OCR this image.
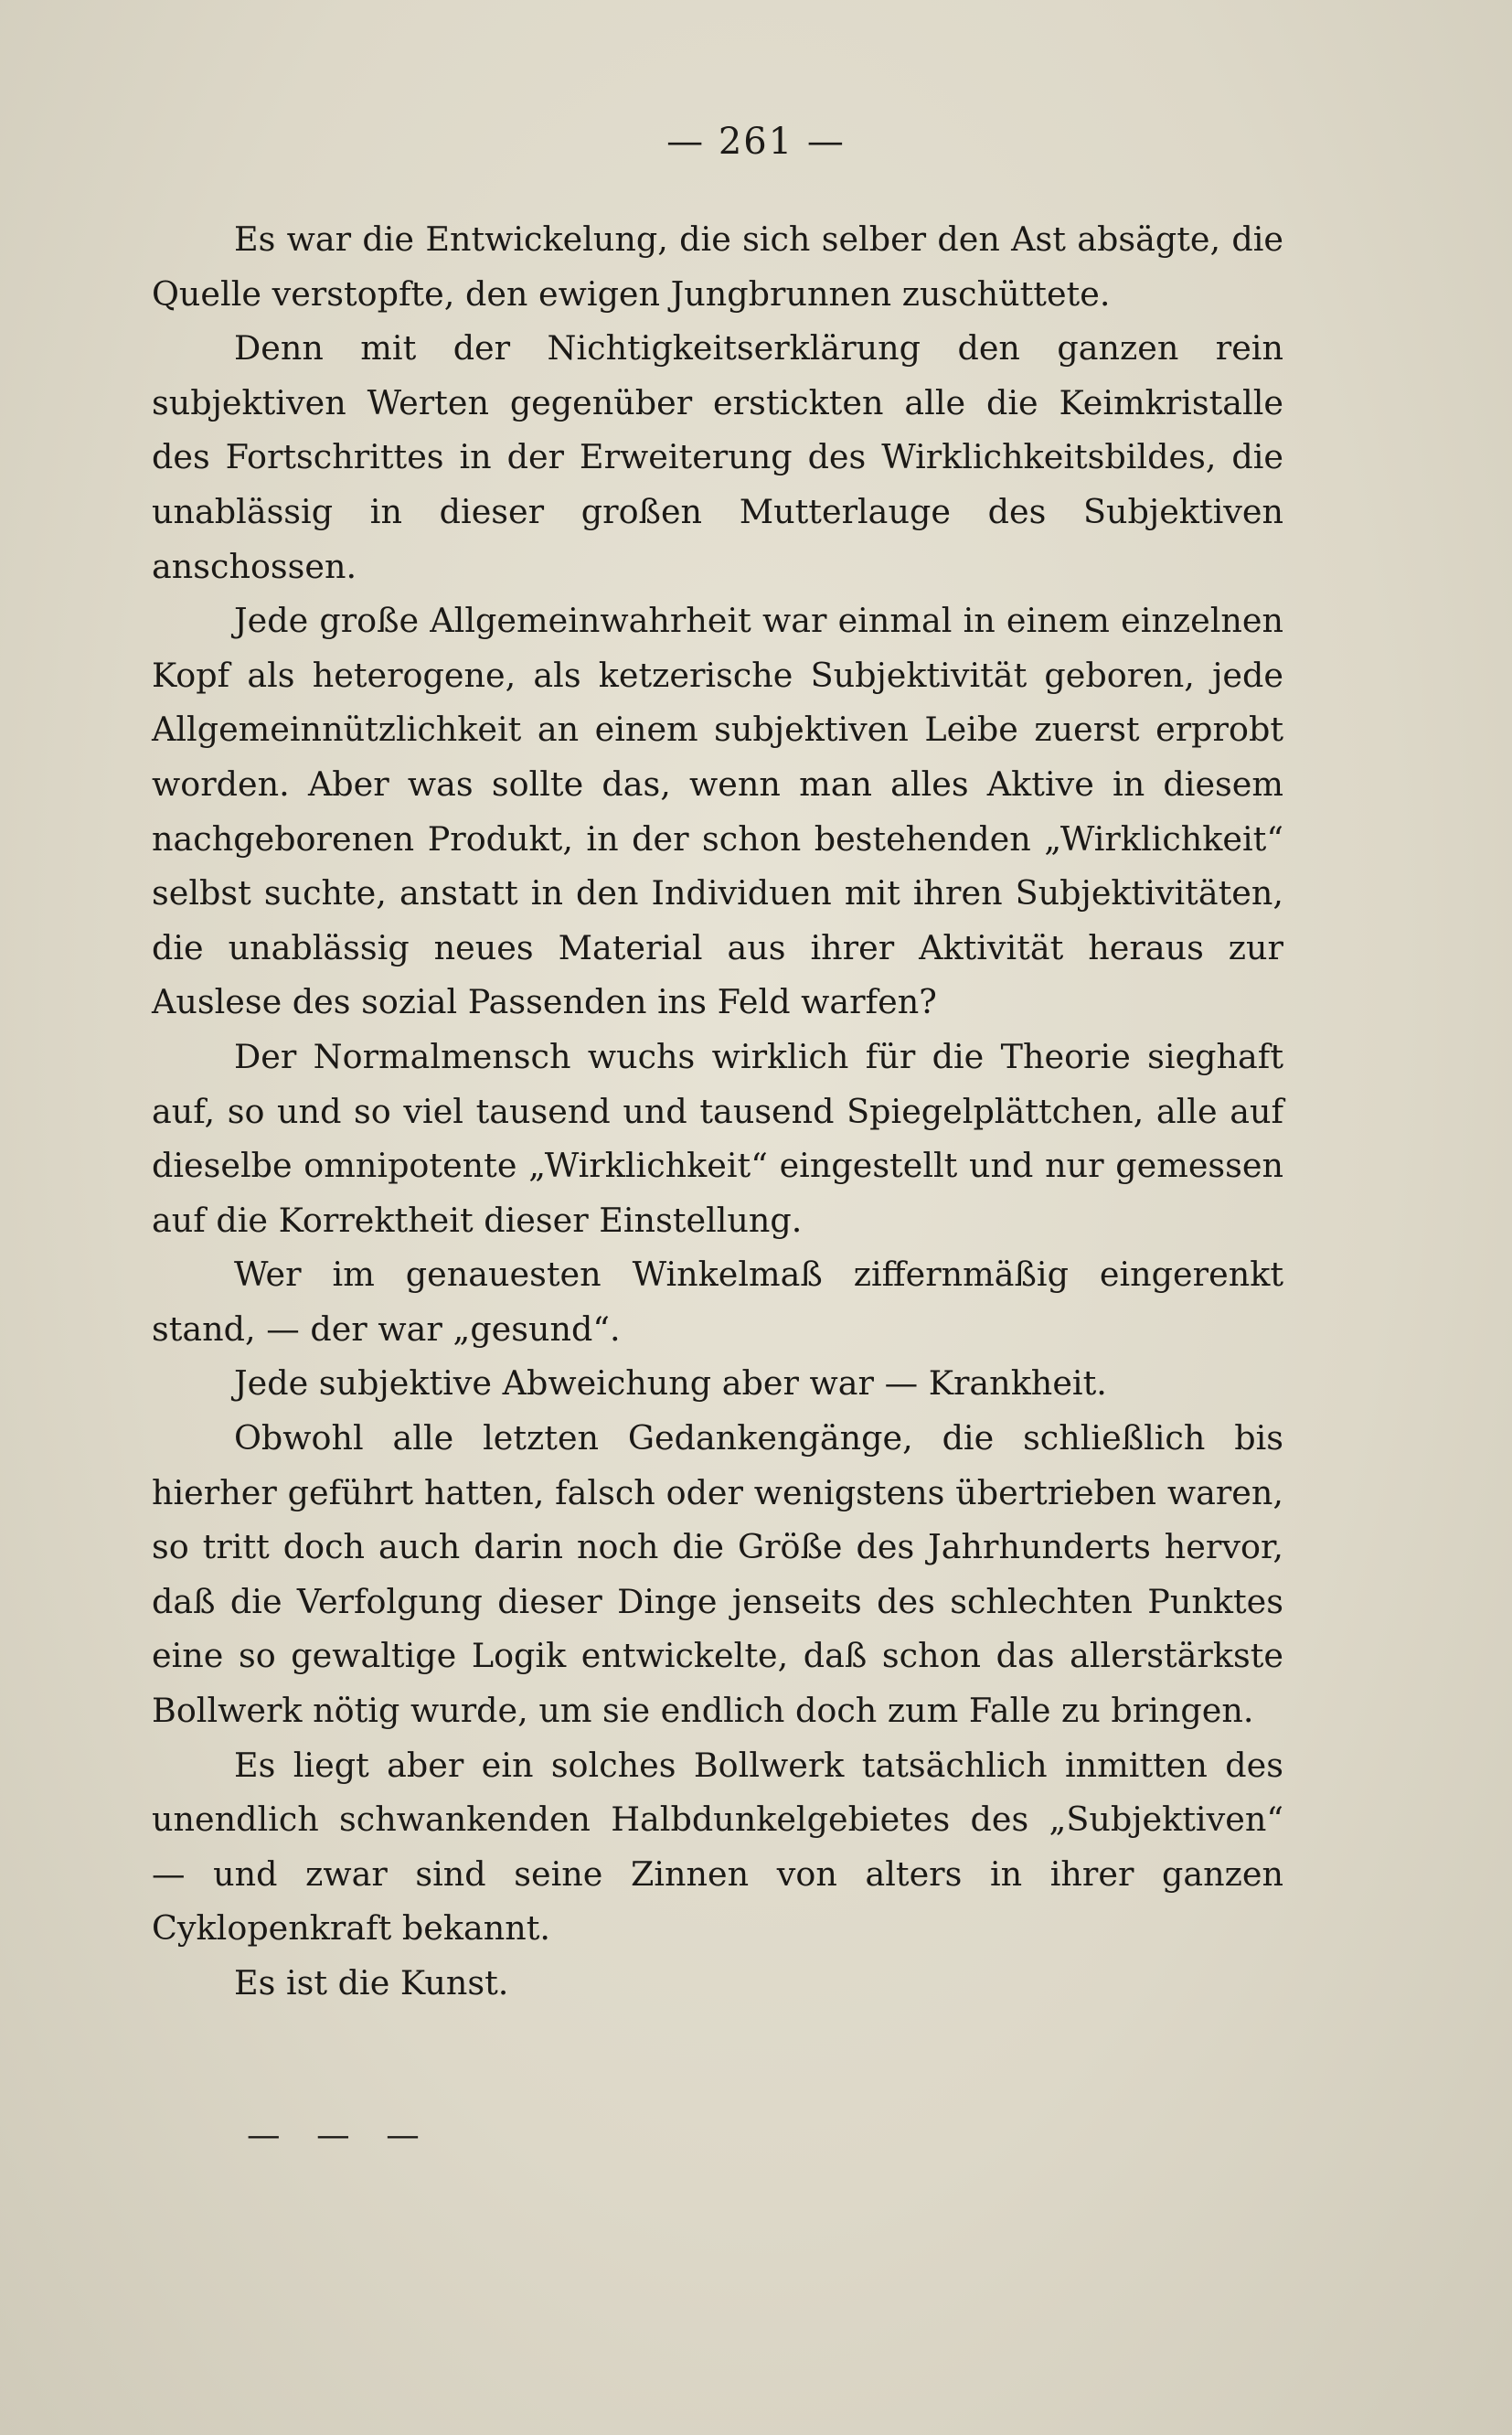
— 261 —

Es war die Entwickelung, die sich selber den Ast absägte, die Quelle verstopfte, den ewigen Jungbrunnen zuschüttete.

Denn mit der Nichtigkeitserklärung den ganzen rein subjektiven Werten gegenüber erstickten alle die Keimkristalle des Fortschrittes in der Erweiterung des Wirklichkeitsbildes, die unablässig in dieser großen Mutterlauge des Subjektiven anschossen.

Jede große Allgemeinwahrheit war einmal in einem einzelnen Kopf als heterogene, als ketzerische Subjektivität geboren, jede Allgemeinnützlichkeit an einem subjektiven Leibe zuerst erprobt worden. Aber was sollte das, wenn man alles Aktive in diesem nachgeborenen Produkt, in der schon bestehenden „Wirklichkeit“ selbst suchte, anstatt in den Individuen mit ihren Subjektivitäten, die unablässig neues Material aus ihrer Aktivität heraus zur Auslese des sozial Passenden ins Feld warfen?

Der Normalmensch wuchs wirklich für die Theorie sieghaft auf, so und so viel tausend und tausend Spiegelplättchen, alle auf dieselbe omnipotente „Wirklichkeit“ eingestellt und nur gemessen auf die Korrektheit dieser Einstellung.

Wer im genauesten Winkelmaß ziffernmäßig eingerenkt stand, — der war „gesund“.

Jede subjektive Abweichung aber war — Krankheit.

Obwohl alle letzten Gedankengänge, die schließlich bis hierher geführt hatten, falsch oder wenigstens übertrieben waren, so tritt doch auch darin noch die Größe des Jahrhunderts hervor, daß die Verfolgung dieser Dinge jenseits des schlechten Punktes eine so gewaltige Logik entwickelte, daß schon das allerstärkste Bollwerk nötig wurde, um sie endlich doch zum Falle zu bringen.

Es liegt aber ein solches Bollwerk tatsächlich inmitten des unendlich schwankenden Halbdunkelgebietes des „Subjektiven“ — und zwar sind seine Zinnen von alters in ihrer ganzen Cyklopenkraft bekannt.

Es ist die Kunst.

— — —
